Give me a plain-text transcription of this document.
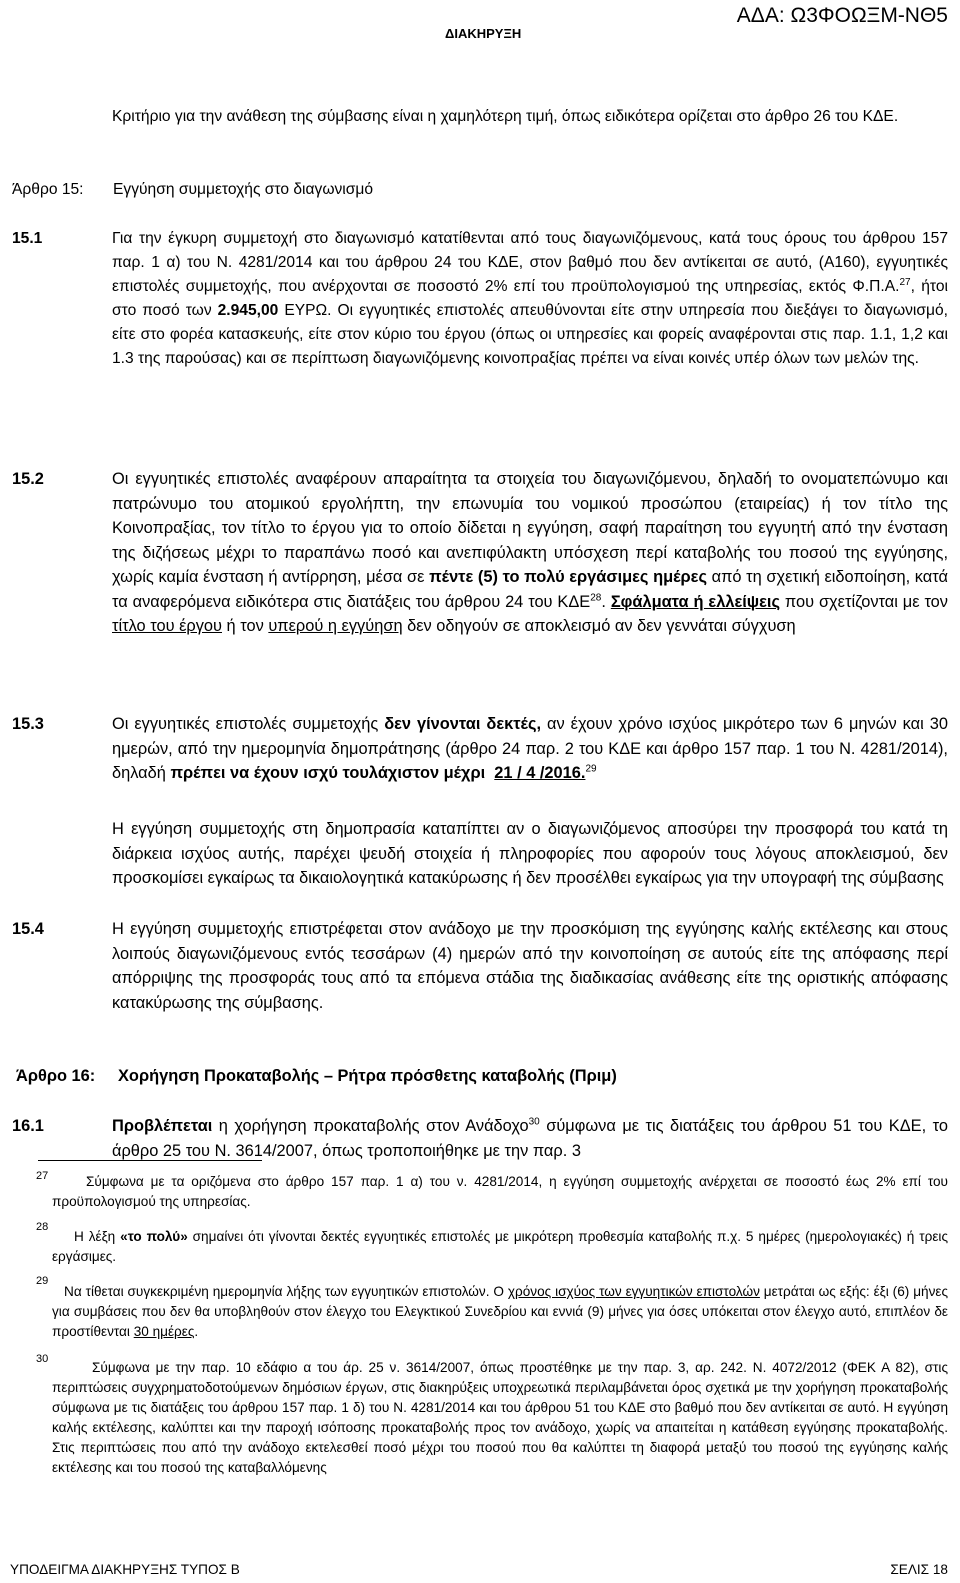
ΑΔΑ: Ω3ΦΟΩΞΜ-ΝΘ5
ΔΙΑΚΗΡΥΞΗ
Κριτήριο για την ανάθεση της σύμβασης είναι η χαμηλότερη τιμή, όπως ειδικότερα ορίζεται στο άρθρο 26 του ΚΔΕ.
Άρθρο 15: Εγγύηση συμμετοχής στο διαγωνισμό
15.1	Για την έγκυρη συμμετοχή στο διαγωνισμό κατατίθενται από τους διαγωνιζόμενους, κατά τους όρους του άρθρου 157 παρ. 1 α) του Ν. 4281/2014 και του άρθρου 24 του ΚΔΕ, στον βαθμό που δεν αντίκειται σε αυτό, (Α160), εγγυητικές επιστολές συμμετοχής, που ανέρχονται σε ποσοστό 2% επί του προϋπολογισμού της υπηρεσίας, εκτός Φ.Π.Α.$^{27}$, ήτοι στο ποσό των 2.945,00 ΕΥΡΩ. Οι εγγυητικές επιστολές απευθύνονται είτε στην υπηρεσία που διεξάγει το διαγωνισμό, είτε στο φορέα κατασκευής, είτε στον κύριο του έργου (όπως οι υπηρεσίες και φορείς αναφέρονται στις παρ. 1.1, 1,2 και 1.3 της παρούσας) και σε περίπτωση διαγωνιζόμενης κοινοπραξίας πρέπει να είναι κοινές υπέρ όλων των μελών της.
15.2	Οι εγγυητικές επιστολές αναφέρουν απαραίτητα τα στοιχεία του διαγωνιζόμενου, δηλαδή το ονοματεπώνυμο και πατρώνυμο του ατομικού εργολήπτη, την επωνυμία του νομικού προσώπου (εταιρείας) ή τον τίτλο της Κοινοπραξίας, τον τίτλο το έργου για το οποίο δίδεται η εγγύηση, σαφή παραίτηση του εγγυητή από την ένσταση της διζήσεως μέχρι το παραπάνω ποσό και ανεπιφύλακτη υπόσχεση περί καταβολής του ποσού της εγγύησης, χωρίς καμία ένσταση ή αντίρρηση, μέσα σε πέντε (5) το πολύ εργάσιμες ημέρες από τη σχετική ειδοποίηση, κατά τα αναφερόμενα ειδικότερα στις διατάξεις του άρθρου 24 του ΚΔΕ$^{28}$. Σφάλματα ή ελλείψεις που σχετίζονται με τον τίτλο του έργου ή τον υπερού η εγγύηση δεν οδηγούν σε αποκλεισμό αν δεν γεννάται σύγχυση
15.3	Οι εγγυητικές επιστολές συμμετοχής δεν γίνονται δεκτές, αν έχουν χρόνο ισχύος μικρότερο των 6 μηνών και 30 ημερών, από την ημερομηνία δημοπράτησης (άρθρο 24 παρ. 2 του ΚΔΕ και άρθρο 157 παρ. 1 του Ν. 4281/2014), δηλαδή πρέπει να έχουν ισχύ τουλάχιστον μέχρι 21 / 4 /2016.29
Η εγγύηση συμμετοχής στη δημοπρασία καταπίπτει αν ο διαγωνιζόμενος αποσύρει την προσφορά του κατά τη διάρκεια ισχύος αυτής, παρέχει ψευδή στοιχεία ή πληροφορίες που αφορούν τους λόγους αποκλεισμού, δεν προσκομίσει εγκαίρως τα δικαιολογητικά κατακύρωσης ή δεν προσέλθει εγκαίρως για την υπογραφή της σύμβασης
15.4	Η εγγύηση συμμετοχής επιστρέφεται στον ανάδοχο με την προσκόμιση της εγγύησης καλής εκτέλεσης και στους λοιπούς διαγωνιζόμενους εντός τεσσάρων (4) ημερών από την κοινοποίηση σε αυτούς είτε της απόφασης περί απόρριψης της προσφοράς τους από τα επόμενα στάδια της διαδικασίας ανάθεσης είτε της οριστικής απόφασης κατακύρωσης της σύμβασης.
Άρθρο 16: Χορήγηση Προκαταβολής – Ρήτρα πρόσθετης καταβολής (Πριμ)
16.1	Προβλέπεται η χορήγηση προκαταβολής στον Ανάδοχο$^{30}$ σύμφωνα με τις διατάξεις του άρθρου 51 του ΚΔΕ, το άρθρο 25 του Ν. 3614/2007, όπως τροποποιήθηκε με την παρ. 3
27	Σύμφωνα με τα οριζόμενα στο άρθρο 157 παρ. 1 α) του ν. 4281/2014, η εγγύηση συμμετοχής ανέρχεται σε ποσοστό έως 2% επί του προϋπολογισμού της υπηρεσίας.
28
Η λέξη «το πολύ» σημαίνει ότι γίνονται δεκτές εγγυητικές επιστολές με μικρότερη προθεσμία καταβολής π.χ. 5 ημέρες (ημερολογιακές) ή τρεις εργάσιμες.
29
Να τίθεται συγκεκριμένη ημερομηνία λήξης των εγγυητικών επιστολών. Ο χρόνος ισχύος των εγγυητικών επιστολών μετράται ως εξής: έξι (6) μήνες για συμβάσεις που δεν θα υποβληθούν στον έλεγχο του Ελεγκτικού Συνεδρίου και εννιά (9) μήνες για όσες υπόκειται στον έλεγχο αυτό, επιπλέον δε προστίθενται 30 ημέρες.
30
Σύμφωνα με την παρ. 10 εδάφιο α του άρ. 25 ν. 3614/2007, όπως προστέθηκε με την παρ. 3, αρ. 242. Ν. 4072/2012 (ΦΕΚ Α 82), στις περιπτώσεις συγχρηματοδοτούμενων δημόσιων έργων, στις διακηρύξεις υποχρεωτικά περιλαμβάνεται όρος σχετικά με την χορήγηση προκαταβολής σύμφωνα με τις διατάξεις του άρθρου 157 παρ. 1 δ) του Ν. 4281/2014 και του άρθρου 51 του ΚΔΕ στο βαθμό που δεν αντίκειται σε αυτό. Η εγγύηση καλής εκτέλεσης, καλύπτει και την παροχή ισόποσης προκαταβολής προς τον ανάδοχο, χωρίς να απαιτείται η κατάθεση εγγύησης προκαταβολής. Στις περιπτώσεις που από την ανάδοχο εκτελεσθεί ποσό μέχρι του ποσού που θα καλύπτει τη διαφορά μεταξύ του ποσού της εγγύησης καλής εκτέλεσης και του ποσού της καταβαλλόμενης
ΥΠΟΔΕΙΓΜΑ ΔΙΑΚΗΡΥΞΗΣ ΤΥΠΟΣ Β	ΣΕΛΙΣ 18
